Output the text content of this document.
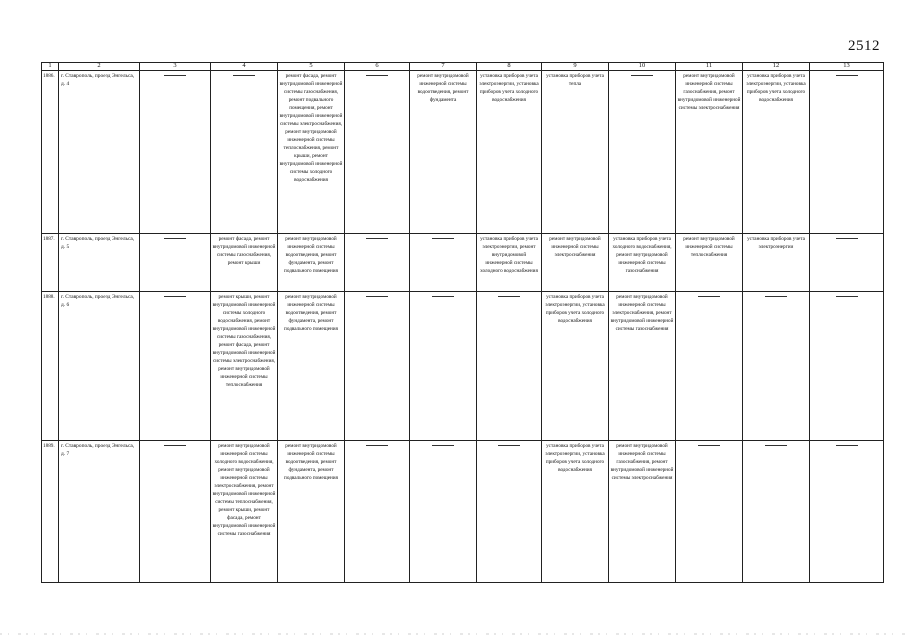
2512
1	2	3	4	5	6	7	8	9	10	11	12	13
1886.	г. Ставрополь, проезд Энгельса, д. 4			ремонт фасада, ремонт внутридомовой инженерной системы газоснабжения, ремонт подвального помещения, ремонт внутридомовой инженерной системы электроснабжения, ремонт внутридомовой инженерной системы теплоснабжения, ремонт крыши, ремонт внутридомовой инженерной системы холодного водоснабжения		ремонт внутридомовой инженерной системы водоотведения, ремонт фундамента	установка приборов учета электроэнергии, установка приборов учета холодного водоснабжения	установка приборов учета тепла		ремонт внутридомовой инженерной системы газоснабжения, ремонт внутридомовой инженерной системы электроснабжения	установка приборов учета электроэнергии, установка приборов учета холодного водоснабжения	

1887.	г. Ставрополь, проезд Энгельса, д. 5		ремонт фасада, ремонт внутридомовой инженерной системы газоснабжения, ремонт крыши	ремонт внутридомовой инженерной системы водоотведения, ремонт фундамента, ремонт подвального помещения			установка приборов учета электроэнергии, ремонт внутридомовой инженерной системы холодного водоснабжения	ремонт внутридомовой инженерной системы электроснабжения	установка приборов учета холодного водоснабжения, ремонт внутридомовой инженерной системы газоснабжения	ремонт внутридомовой инженерной системы теплоснабжения	установка приборов учета электроэнергии	

1888.	г. Ставрополь, проезд Энгельса, д. 6		ремонт крыши, ремонт внутридомовой инженерной системы холодного водоснабжения, ремонт внутридомовой инженерной системы газоснабжения, ремонт фасада, ремонт внутридомовой инженерной системы электроснабжения, ремонт внутридомовой инженерной системы теплоснабжения	ремонт внутридомовой инженерной системы водоотведения, ремонт фундамента, ремонт подвального помещения				установка приборов учета электроэнергии, установка приборов учета холодного водоснабжения	ремонт внутридомовой инженерной системы электроснабжения, ремонт внутридомовой инженерной системы газоснабжения	

1889.	г. Ставрополь, проезд Энгельса, д. 7		ремонт внутридомовой инженерной системы холодного водоснабжения, ремонт внутридомовой инженерной системы электроснабжения, ремонт внутридомовой инженерной системы теплоснабжения, ремонт крыши, ремонт фасада, ремонт внутридомовой инженерной системы газоснабжения	ремонт внутридомовой инженерной системы водоотведения, ремонт фундамента, ремонт подвального помещения				установка приборов учета электроэнергии, установка приборов учета холодного водоснабжения	ремонт внутридомовой инженерной системы газоснабжения, ремонт внутридомовой инженерной системы электроснабжения	
